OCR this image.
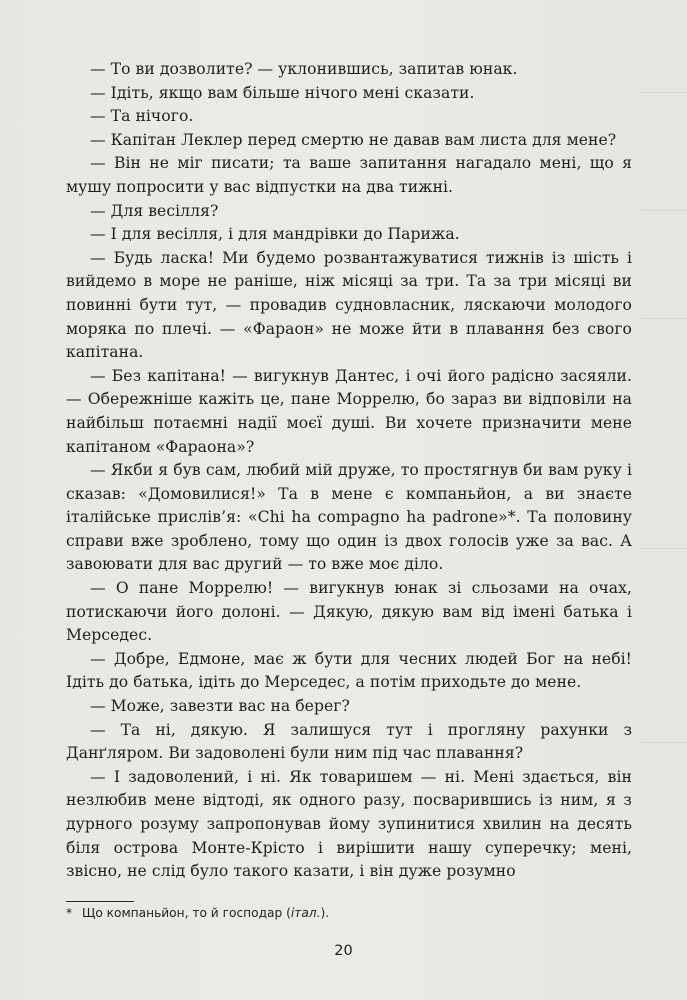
— То ви дозволите? — уклонившись, запитав юнак.

— Ідіть, якщо вам більше нічого мені сказати.

— Та нічого.

— Капітан Леклер перед смертю не давав вам листа для мене?

— Він не міг писати; та ваше запитання нагадало мені, що я мушу попросити у вас відпустки на два тижні.

— Для весілля?

— І для весілля, і для мандрівки до Парижа.

— Будь ласка! Ми будемо розвантажуватися тижнів із шість і вийдемо в море не раніше, ніж місяці за три. Та за три місяці ви повинні бути тут, — провадив судновласник, ляскаючи молодого моряка по плечі. — «Фараон» не може йти в плавання без свого капітана.

— Без капітана! — вигукнув Дантес, і очі його радісно засяяли. — Обережніше кажіть це, пане Моррелю, бо зараз ви відповіли на найбільш потаємні надії моєї душі. Ви хочете призначити мене капітаном «Фараона»?

— Якби я був сам, любий мій друже, то простягнув би вам руку і сказав: «Домовилися!» Та в мене є компаньйон, а ви знаєте італійське прислів’я: «Chi ha compagno ha padrone»*. Та половину справи вже зроблено, тому що один із двох голосів уже за вас. А завоювати для вас другий — то вже моє діло.

— О пане Моррелю! — вигукнув юнак зі сльозами на очах, потискаючи його долоні. — Дякую, дякую вам від імені батька і Мерседес.

— Добре, Едмоне, має ж бути для чесних людей Бог на небі! Ідіть до батька, ідіть до Мерседес, а потім приходьте до мене.

— Може, завезти вас на берег?

— Та ні, дякую. Я залишуся тут і прогляну рахунки з Данґляром. Ви задоволені були ним під час плавання?

— І задоволений, і ні. Як товаришем — ні. Мені здається, він незлюбив мене відтоді, як одного разу, посварившись із ним, я з дурного розуму запропонував йому зупинитися хвилин на десять біля острова Монте-Крісто і вирішити нашу суперечку; мені, звісно, не слід було такого казати, і він дуже розумно

* Що компаньйон, то й господар (італ.).
20
